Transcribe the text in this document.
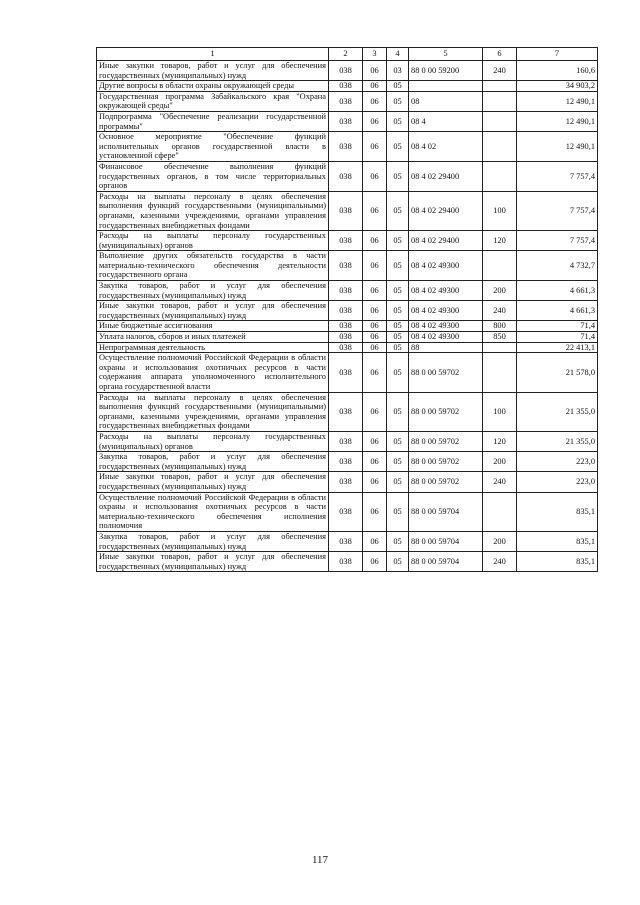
1	2	3	4	5	6	7
Иные закупки товаров, работ и услуг для обеспечения государственных (муниципальных) нужд	038	06	03	88 0 00 59200	240	160,6
Другие вопросы в области охраны окружающей среды	038	06	05			34 903,2
Государственная программа Забайкальского края "Охрана окружающей среды"	038	06	05	08		12 490,1
Подпрограмма "Обеспечение реализации государственной программы"	038	06	05	08 4		12 490,1
Основное мероприятие "Обеспечение функций исполнительных органов государственной власти в установленной сфере"	038	06	05	08 4 02		12 490,1
Финансовое обеспечение выполнения функций государственных органов, в том числе территориальных органов	038	06	05	08 4 02 29400		7 757,4
Расходы на выплаты персоналу в целях обеспечения выполнения функций государственными (муниципальными) органами, казенными учреждениями, органами управления государственных внебюджетных фондами	038	06	05	08 4 02 29400	100	7 757,4
Расходы на выплаты персоналу государственных (муниципальных) органов	038	06	05	08 4 02 29400	120	7 757,4
Выполнение других обязательств государства в части материально-технического обеспечения деятельности государственного органа	038	06	05	08 4 02 49300		4 732,7
Закупка товаров, работ и услуг для обеспечения государственных (муниципальных) нужд	038	06	05	08 4 02 49300	200	4 661,3
Иные закупки товаров, работ и услуг для обеспечения государственных (муниципальных) нужд	038	06	05	08 4 02 49300	240	4 661,3
Иные бюджетные ассигнования	038	06	05	08 4 02 49300	800	71,4
Уплата налогов, сборов и иных платежей	038	06	05	08 4 02 49300	850	71,4
Непрограммная деятельность	038	06	05	88		22 413,1
Осуществление полномочий Российской Федерации в области охраны и использования охотничьих ресурсов в части содержания аппарата уполномоченного исполнительного органа государственной власти	038	06	05	88 0 00 59702		21 578,0
Расходы на выплаты персоналу в целях обеспечения выполнения функций государственными (муниципальными) органами, казенными учреждениями, органами управления государственных внебюджетных фондами	038	06	05	88 0 00 59702	100	21 355,0
Расходы на выплаты персоналу государственных (муниципальных) органов	038	06	05	88 0 00 59702	120	21 355,0
Закупка товаров, работ и услуг для обеспечения государственных (муниципальных) нужд	038	06	05	88 0 00 59702	200	223,0
Иные закупки товаров, работ и услуг для обеспечения государственных (муниципальных) нужд	038	06	05	88 0 00 59702	240	223,0
Осуществление полномочий Российской Федерации в области охраны и использования охотничьих ресурсов в части материально-технического обеспечения исполнения полномочия	038	06	05	88 0 00 59704		835,1
Закупка товаров, работ и услуг для обеспечения государственных (муниципальных) нужд	038	06	05	88 0 00 59704	200	835,1
Иные закупки товаров, работ и услуг для обеспечения государственных (муниципальных) нужд	038	06	05	88 0 00 59704	240	835,1
117
